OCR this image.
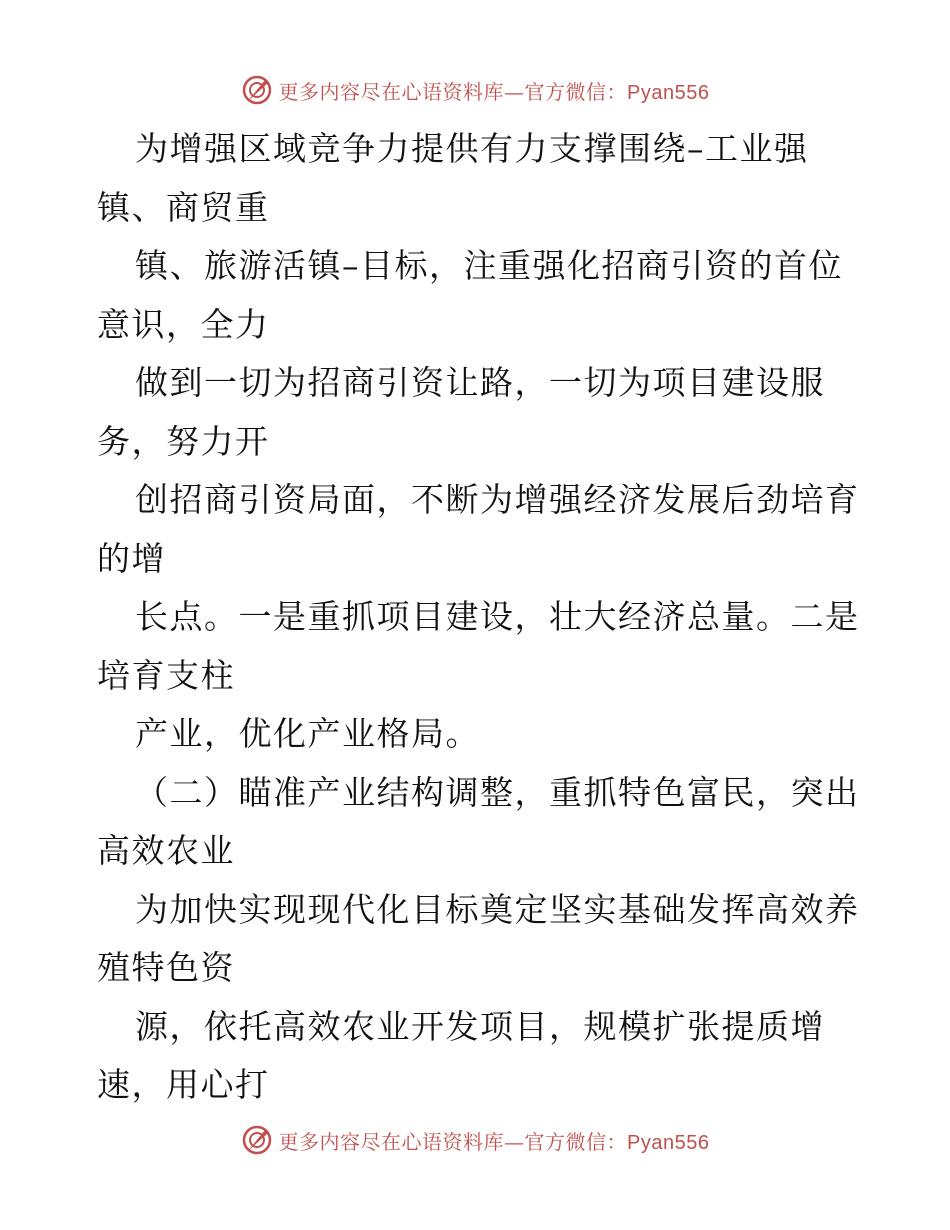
更多内容尽在心语资料库—官方微信：Pyan556
为增强区域竞争力提供有力支撑围绕–工业强
镇、商贸重
镇、旅游活镇–目标，注重强化招商引资的首位
意识，全力
做到一切为招商引资让路，一切为项目建设服
务，努力开
创招商引资局面，不断为增强经济发展后劲培育
的增
长点。一是重抓项目建设，壮大经济总量。二是
培育支柱
产业，优化产业格局。
（二）瞄准产业结构调整，重抓特色富民，突出
高效农业
为加快实现现代化目标奠定坚实基础发挥高效养
殖特色资
源，依托高效农业开发项目，规模扩张提质增
速，用心打
更多内容尽在心语资料库—官方微信：Pyan556
